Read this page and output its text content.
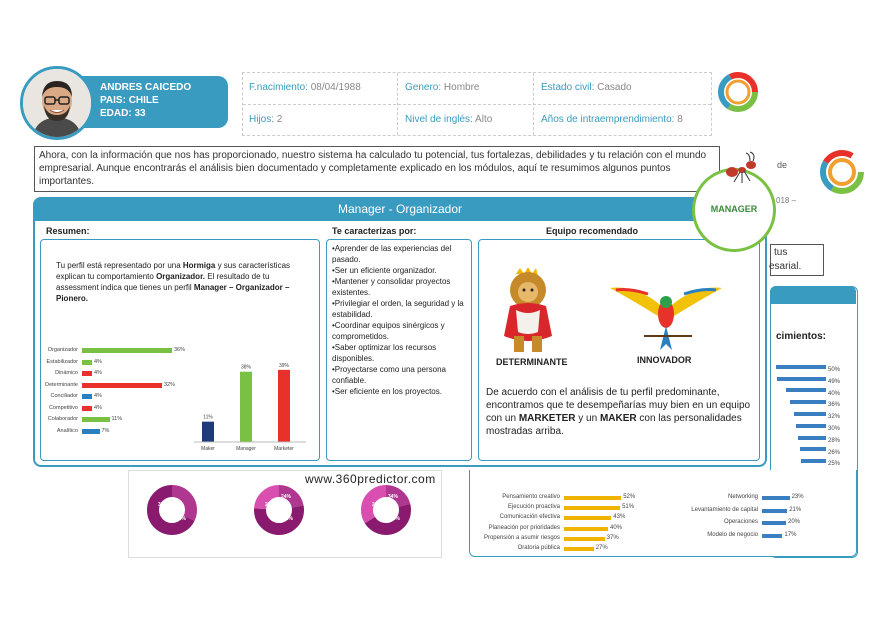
de
018 –
tus
esarial.
cimientos:
50%
49%
40%
36%
32%
30%
28%
26%
25%
32%
68%
22%
54%
24%
21%
45%
34%	Pensamiento creativo	52%
Ejecución proactiva	51%
Comunicación efectiva	43%
Planeación por prioridades	40%
Propensión a asumir riesgos	37%
Oratoria pública	27%
Networking	23%
Levantamiento de capital	21%
Operaciones	20%
Modelo de negocio	17%
ANDRES CAICEDO
PAIS: CHILE
EDAD: 33
F.nacimiento: 08/04/1988	Genero: Hombre	Estado civil: Casado
Hijos: 2	Nivel de inglés: Alto	Años de intraemprendimiento: 8
Ahora, con la información que nos has proporcionado, nuestro sistema ha calculado tu potencial, tus fortalezas, debilidades y tu relación con el mundo empresarial. Aunque encontrarás el análisis bien documentado y completamente explicado en los módulos, aquí te resumimos algunos puntos importantes.
Manager - Organizador
Resumen:
Tu perfil está representado por una Hormiga y sus características explican tu comportamiento Organizador. El resultado de tu assessment indica que tienes un perfil Manager – Organizador – Pionero.
Organizador	36%
Estabilizador	4%
Dinámico	4%
Determinante	32%
Conciliador	4%
Competitivo	4%
Colaborador	11%
Analítico	7%
11%
Maker
38%
Manager
39%
Marketer
Te caracterizas por:
•Aprender de las experiencias del pasado.
•Ser un eficiente organizador.
•Mantener y consolidar proyectos existentes.
•Privilegiar el orden, la seguridad y la estabilidad.
•Coordinar equipos sinérgicos y comprometidos.
•Saber optimizar los recursos disponibles.
•Proyectarse como una persona confiable.
•Ser eficiente en los proyectos.
Equipo recomendado
DETERMINANTE	INNOVADOR
De acuerdo con el análisis de tu perfil predominante, encontramos que te desempeñarías muy bien en un equipo con un MARKETER y un MAKER con las personalidades mostradas arriba.
MANAGER
www.360predictor.com
